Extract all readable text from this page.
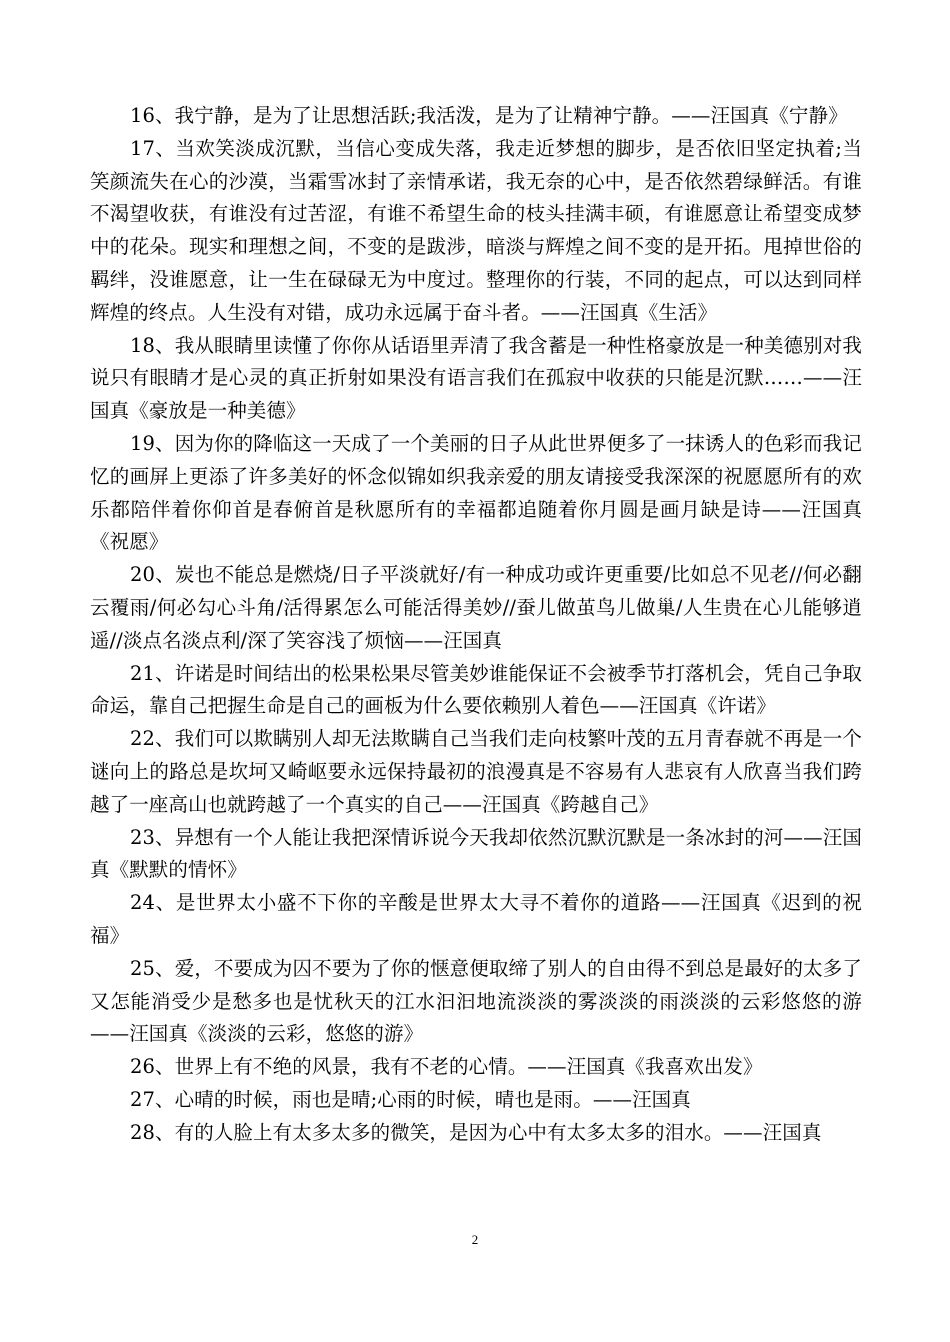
16、我宁静，是为了让思想活跃;我活泼，是为了让精神宁静。——汪国真《宁静》

17、当欢笑淡成沉默，当信心变成失落，我走近梦想的脚步，是否依旧坚定执着;当笑颜流失在心的沙漠，当霜雪冰封了亲情承诺，我无奈的心中，是否依然碧绿鲜活。有谁不渴望收获，有谁没有过苦涩，有谁不希望生命的枝头挂满丰硕，有谁愿意让希望变成梦中的花朵。现实和理想之间，不变的是跋涉，暗淡与辉煌之间不变的是开拓。甩掉世俗的羁绊，没谁愿意，让一生在碌碌无为中度过。整理你的行装，不同的起点，可以达到同样辉煌的终点。人生没有对错，成功永远属于奋斗者。——汪国真《生活》

18、我从眼睛里读懂了你你从话语里弄清了我含蓄是一种性格豪放是一种美德别对我说只有眼睛才是心灵的真正折射如果没有语言我们在孤寂中收获的只能是沉默……——汪国真《豪放是一种美德》

19、因为你的降临这一天成了一个美丽的日子从此世界便多了一抹诱人的色彩而我记忆的画屏上更添了许多美好的怀念似锦如织我亲爱的朋友请接受我深深的祝愿愿所有的欢乐都陪伴着你仰首是春俯首是秋愿所有的幸福都追随着你月圆是画月缺是诗——汪国真《祝愿》

20、炭也不能总是燃烧/日子平淡就好/有一种成功或许更重要/比如总不见老//何必翻云覆雨/何必勾心斗角/活得累怎么可能活得美妙//蚕儿做茧鸟儿做巢/人生贵在心儿能够逍遥//淡点名淡点利/深了笑容浅了烦恼——汪国真

21、许诺是时间结出的松果松果尽管美妙谁能保证不会被季节打落机会，凭自己争取命运，靠自己把握生命是自己的画板为什么要依赖别人着色——汪国真《许诺》

22、我们可以欺瞒别人却无法欺瞒自己当我们走向枝繁叶茂的五月青春就不再是一个谜向上的路总是坎坷又崎岖要永远保持最初的浪漫真是不容易有人悲哀有人欣喜当我们跨越了一座高山也就跨越了一个真实的自己——汪国真《跨越自己》

23、异想有一个人能让我把深情诉说今天我却依然沉默沉默是一条冰封的河——汪国真《默默的情怀》

24、是世界太小盛不下你的辛酸是世界太大寻不着你的道路——汪国真《迟到的祝福》

25、爱，不要成为囚不要为了你的惬意便取缔了别人的自由得不到总是最好的太多了又怎能消受少是愁多也是忧秋天的江水汩汩地流淡淡的雾淡淡的雨淡淡的云彩悠悠的游——汪国真《淡淡的云彩，悠悠的游》

26、世界上有不绝的风景，我有不老的心情。——汪国真《我喜欢出发》

27、心晴的时候，雨也是晴;心雨的时候，晴也是雨。——汪国真

28、有的人脸上有太多太多的微笑，是因为心中有太多太多的泪水。——汪国真

2
